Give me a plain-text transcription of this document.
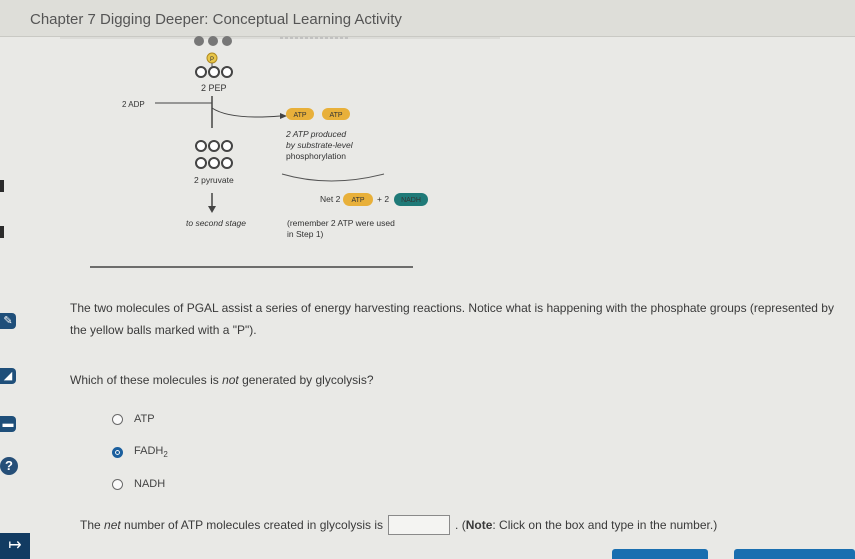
Chapter 7 Digging Deeper: Conceptual Learning Activity
✎
◢
▬
?
↦
P
2 PEP
2 ADP
ATP	ATP
2 ATP produced
by substrate-level
phosphorylation
2 pyruvate
Net 2 ATP + 2 NADH
to second stage	(remember 2 ATP were used
in Step 1)
The two molecules of PGAL assist a series of energy harvesting reactions. Notice what is happening with the phosphate groups (represented by the yellow balls marked with a "P").
Which of these molecules is not generated by glycolysis?
ATP
$FADH_2$
NADH
The net number of ATP molecules created in glycolysis is	. (Note: Click on the box and type in the number.)
